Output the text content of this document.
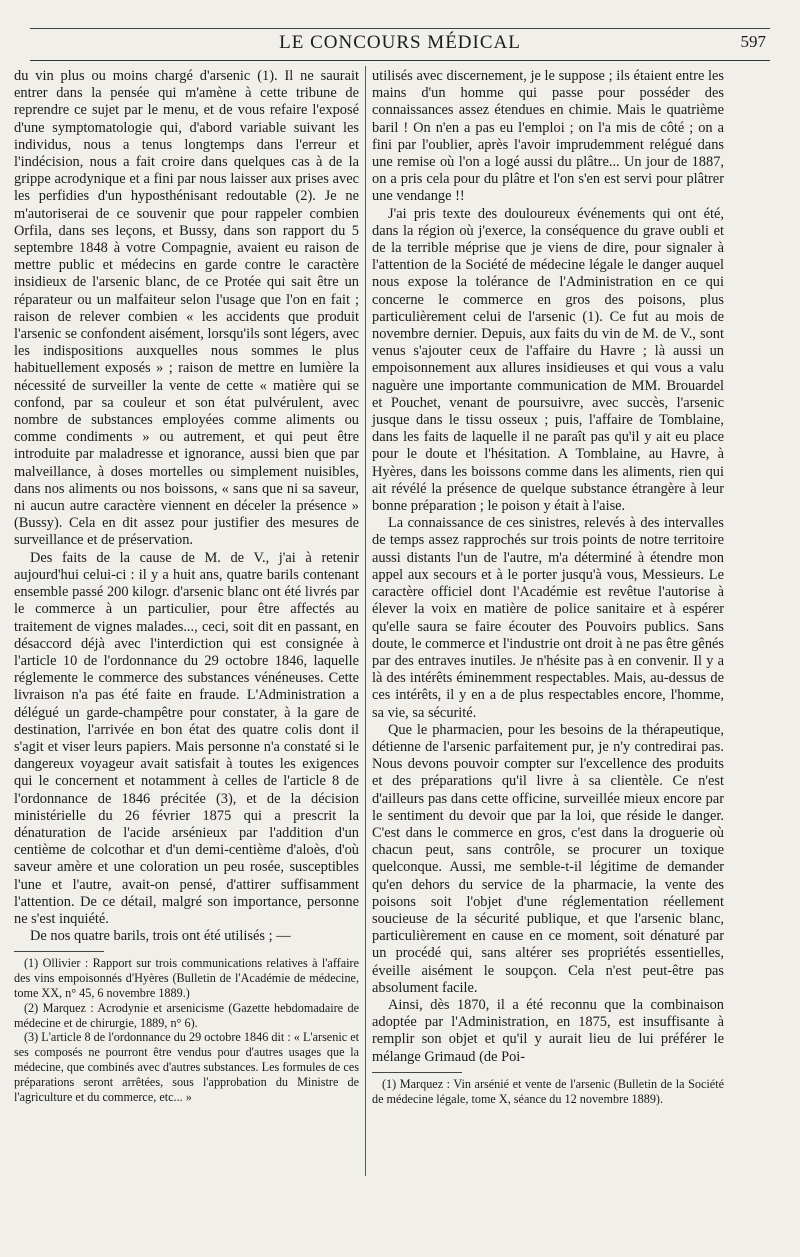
LE CONCOURS MÉDICAL	597

du vin plus ou moins chargé d'arsenic (1). Il ne saurait entrer dans la pensée qui m'amène à cette tribune de reprendre ce sujet par le menu, et de vous refaire l'exposé d'une symptomatologie qui, d'abord variable suivant les individus, nous a tenus longtemps dans l'erreur et l'indécision, nous a fait croire dans quelques cas à de la grippe acrodynique et a fini par nous laisser aux prises avec les perfidies d'un hyposthénisant redoutable (2). Je ne m'autoriserai de ce souvenir que pour rappeler combien Orfila, dans ses leçons, et Bussy, dans son rapport du 5 septembre 1848 à votre Compagnie, avaient eu raison de mettre public et médecins en garde contre le caractère insidieux de l'arsenic blanc, de ce Protée qui sait être un réparateur ou un malfaiteur selon l'usage que l'on en fait ; raison de relever combien « les accidents que produit l'arsenic se confondent aisément, lorsqu'ils sont légers, avec les indispositions auxquelles nous sommes le plus habituellement exposés » ; raison de mettre en lumière la nécessité de surveiller la vente de cette « matière qui se confond, par sa couleur et son état pulvérulent, avec nombre de substances employées comme aliments ou comme condiments » ou autrement, et qui peut être introduite par maladresse et ignorance, aussi bien que par malveillance, à doses mortelles ou simplement nuisibles, dans nos aliments ou nos boissons, « sans que ni sa saveur, ni aucun autre caractère viennent en déceler la présence » (Bussy). Cela en dit assez pour justifier des mesures de surveillance et de préservation.

Des faits de la cause de M. de V., j'ai à retenir aujourd'hui celui-ci : il y a huit ans, quatre barils contenant ensemble passé 200 kilogr. d'arsenic blanc ont été livrés par le commerce à un particulier, pour être affectés au traitement de vignes malades..., ceci, soit dit en passant, en désaccord déjà avec l'interdiction qui est consignée à l'article 10 de l'ordonnance du 29 octobre 1846, laquelle réglemente le commerce des substances vénéneuses. Cette livraison n'a pas été faite en fraude. L'Administration a délégué un garde-champêtre pour constater, à la gare de destination, l'arrivée en bon état des quatre colis dont il s'agit et viser leurs papiers. Mais personne n'a constaté si le dangereux voyageur avait satisfait à toutes les exigences qui le concernent et notamment à celles de l'article 8 de l'ordonnance de 1846 précitée (3), et de la décision ministérielle du 26 février 1875 qui a prescrit la dénaturation de l'acide arsénieux par l'addition d'un centième de colcothar et d'un demi-centième d'aloès, d'où saveur amère et une coloration un peu rosée, susceptibles l'une et l'autre, avait-on pensé, d'attirer suffisamment l'attention. De ce détail, malgré son importance, personne ne s'est inquiété.

De nos quatre barils, trois ont été utilisés ; —

(1) Ollivier : Rapport sur trois communications relatives à l'affaire des vins empoisonnés d'Hyères (Bulletin de l'Académie de médecine, tome XX, n° 45, 6 novembre 1889.)

(2) Marquez : Acrodynie et arsenicisme (Gazette hebdomadaire de médecine et de chirurgie, 1889, n° 6).

(3) L'article 8 de l'ordonnance du 29 octobre 1846 dit : « L'arsenic et ses composés ne pourront être vendus pour d'autres usages que la médecine, que combinés avec d'autres substances. Les formules de ces préparations seront arrêtées, sous l'approbation du Ministre de l'agriculture et du commerce, etc... »

utilisés avec discernement, je le suppose ; ils étaient entre les mains d'un homme qui passe pour posséder des connaissances assez étendues en chimie. Mais le quatrième baril ! On n'en a pas eu l'emploi ; on l'a mis de côté ; on a fini par l'oublier, après l'avoir imprudemment relégué dans une remise où l'on a logé aussi du plâtre... Un jour de 1887, on a pris cela pour du plâtre et l'on s'en est servi pour plâtrer une vendange !!

J'ai pris texte des douloureux événements qui ont été, dans la région où j'exerce, la conséquence du grave oubli et de la terrible méprise que je viens de dire, pour signaler à l'attention de la Société de médecine légale le danger auquel nous expose la tolérance de l'Administration en ce qui concerne le commerce en gros des poisons, plus particulièrement celui de l'arsenic (1). Ce fut au mois de novembre dernier. Depuis, aux faits du vin de M. de V., sont venus s'ajouter ceux de l'affaire du Havre ; là aussi un empoisonnement aux allures insidieuses et qui vous a valu naguère une importante communication de MM. Brouardel et Pouchet, venant de poursuivre, avec succès, l'arsenic jusque dans le tissu osseux ; puis, l'affaire de Tomblaine, dans les faits de laquelle il ne paraît pas qu'il y ait eu place pour le doute et l'hésitation. A Tomblaine, au Havre, à Hyères, dans les boissons comme dans les aliments, rien qui ait révélé la présence de quelque substance étrangère à leur bonne préparation ; le poison y était à l'aise.

La connaissance de ces sinistres, relevés à des intervalles de temps assez rapprochés sur trois points de notre territoire aussi distants l'un de l'autre, m'a déterminé à étendre mon appel aux secours et à le porter jusqu'à vous, Messieurs. Le caractère officiel dont l'Académie est revêtue l'autorise à élever la voix en matière de police sanitaire et à espérer qu'elle saura se faire écouter des Pouvoirs publics. Sans doute, le commerce et l'industrie ont droit à ne pas être gênés par des entraves inutiles. Je n'hésite pas à en convenir. Il y a là des intérêts éminemment respectables. Mais, au-dessus de ces intérêts, il y en a de plus respectables encore, l'homme, sa vie, sa sécurité.

Que le pharmacien, pour les besoins de la thérapeutique, détienne de l'arsenic parfaitement pur, je n'y contredirai pas. Nous devons pouvoir compter sur l'excellence des produits et des préparations qu'il livre à sa clientèle. Ce n'est d'ailleurs pas dans cette officine, surveillée mieux encore par le sentiment du devoir que par la loi, que réside le danger. C'est dans le commerce en gros, c'est dans la droguerie où chacun peut, sans contrôle, se procurer un toxique quelconque. Aussi, me semble-t-il légitime de demander qu'en dehors du service de la pharmacie, la vente des poisons soit l'objet d'une réglementation réellement soucieuse de la sécurité publique, et que l'arsenic blanc, particulièrement en cause en ce moment, soit dénaturé par un procédé qui, sans altérer ses propriétés essentielles, éveille aisément le soupçon. Cela n'est peut-être pas absolument facile.

Ainsi, dès 1870, il a été reconnu que la combinaison adoptée par l'Administration, en 1875, est insuffisante à remplir son objet et qu'il y aurait lieu de lui préférer le mélange Grimaud (de Poi-

(1) Marquez : Vin arsénié et vente de l'arsenic (Bulletin de la Société de médecine légale, tome X, séance du 12 novembre 1889).
